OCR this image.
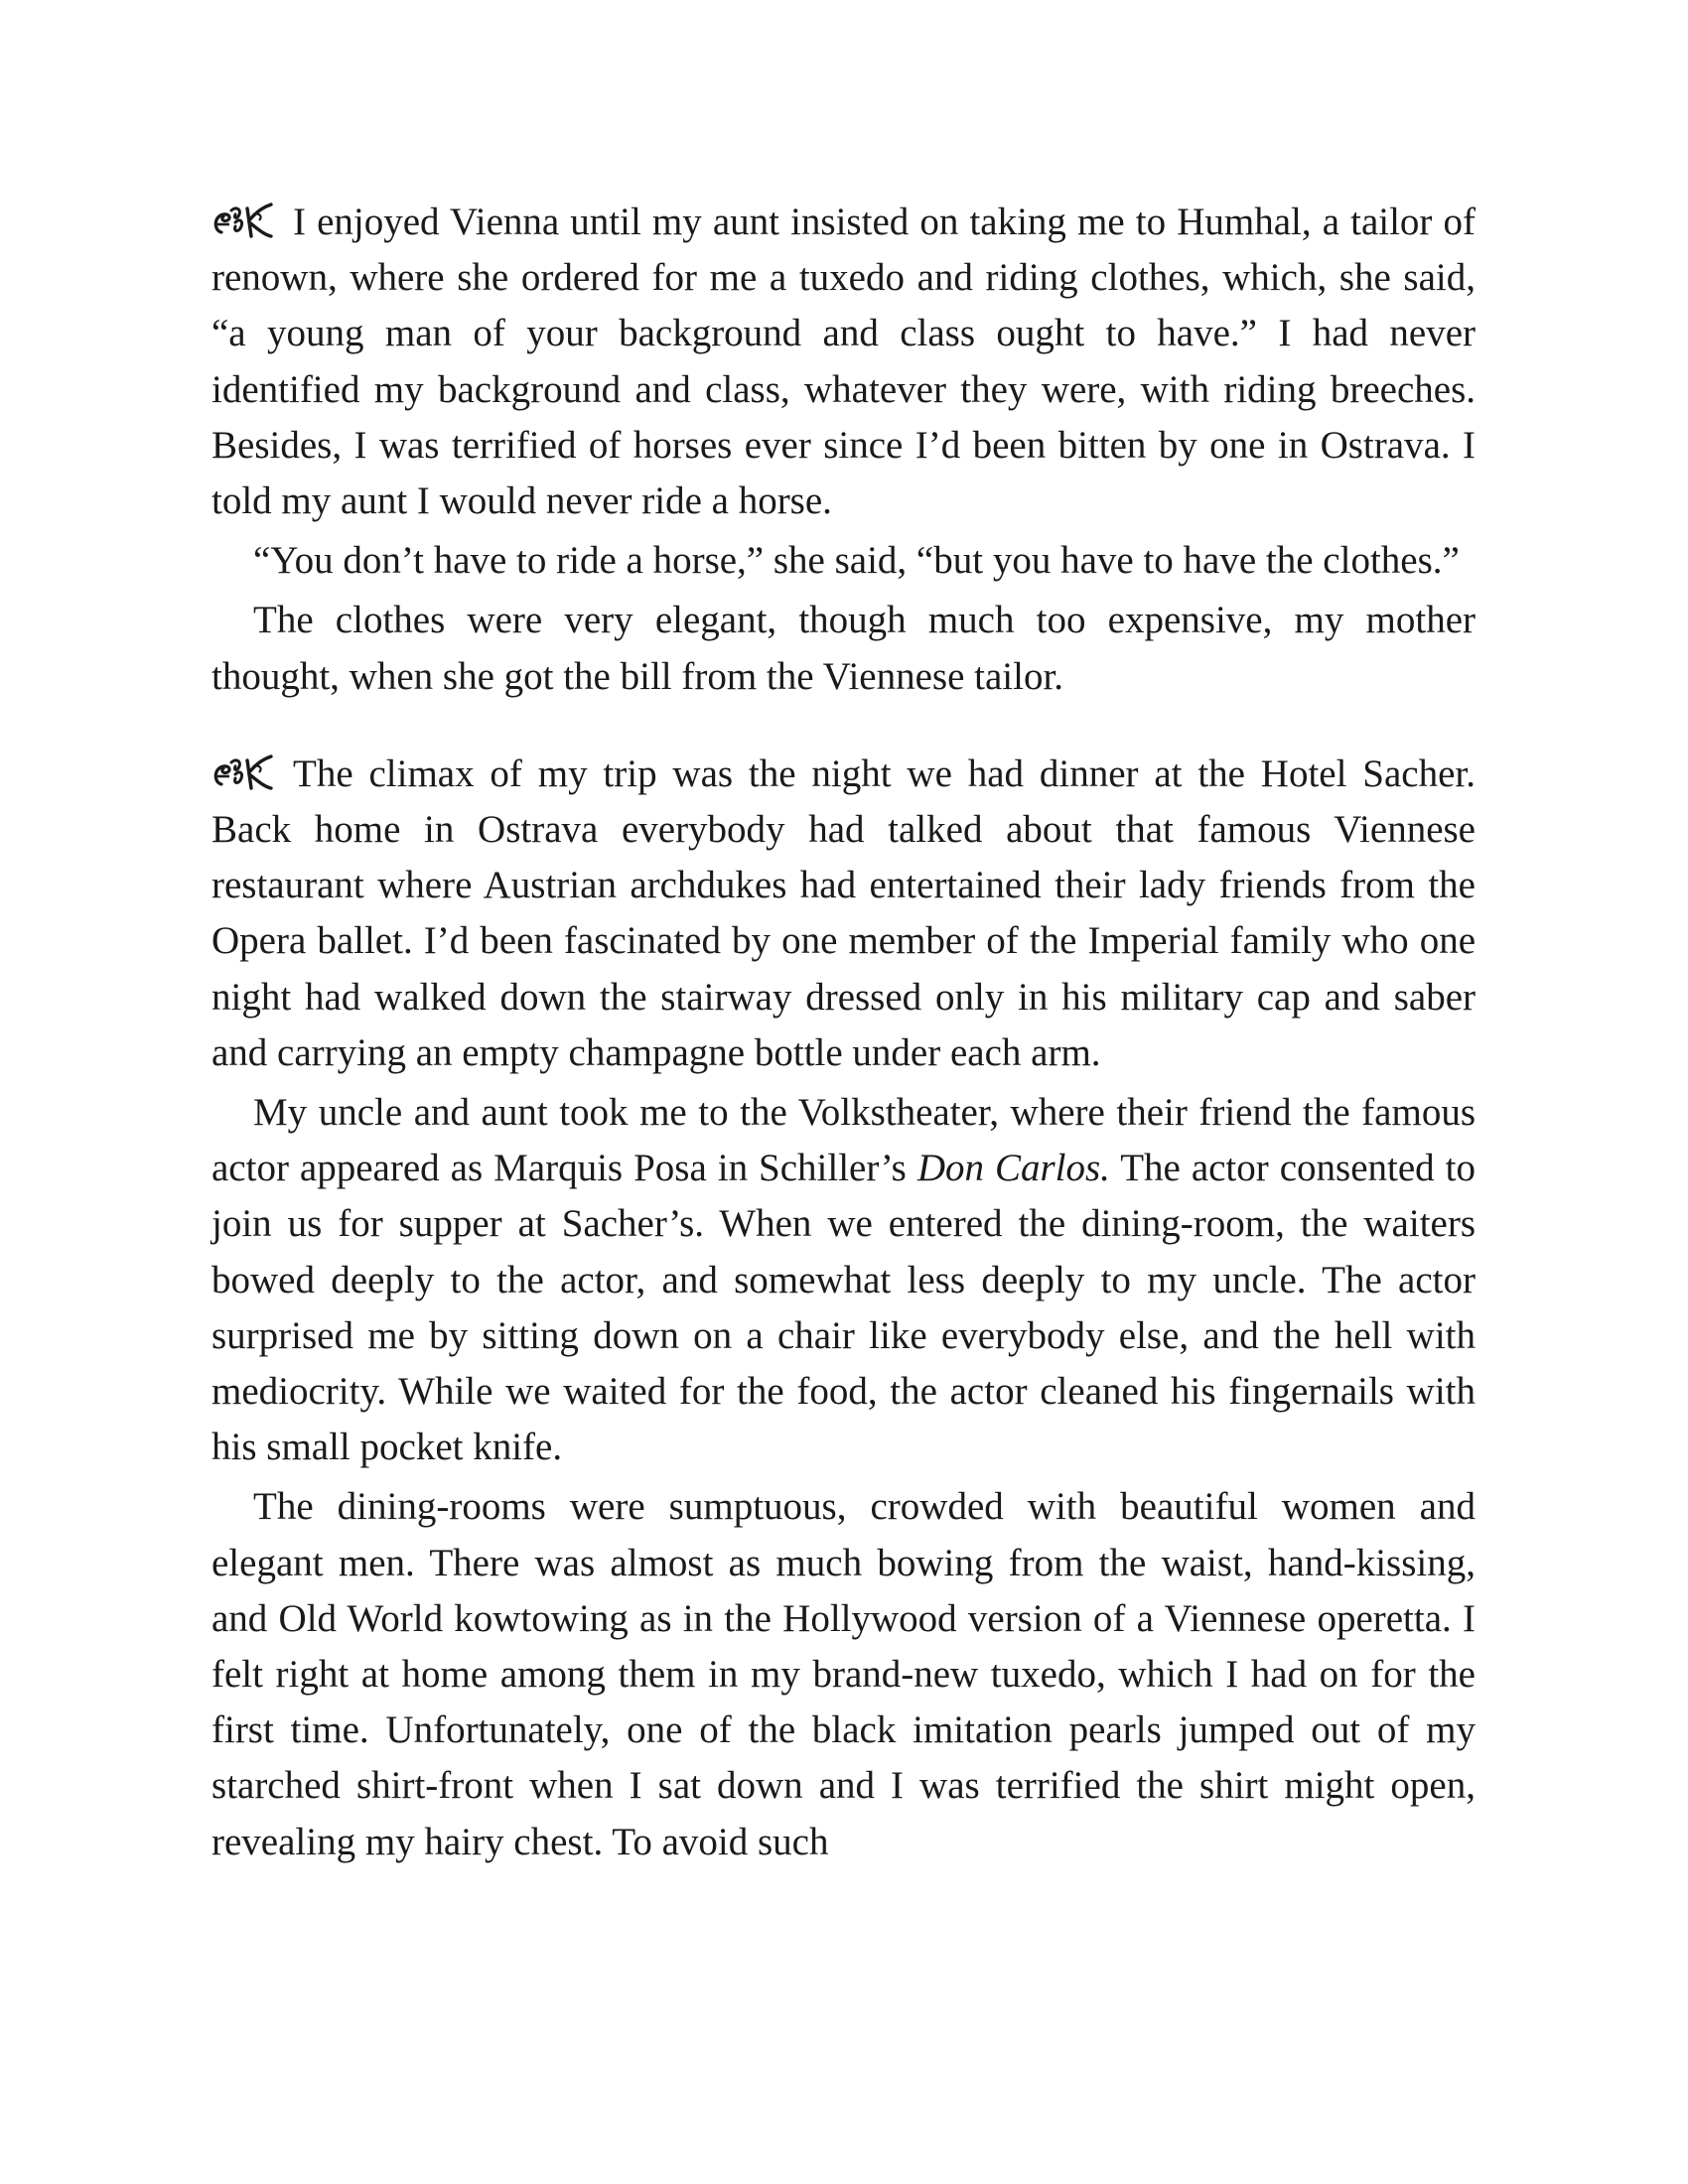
I enjoyed Vienna until my aunt insisted on taking me to Humhal, a tailor of renown, where she ordered for me a tuxedo and riding clothes, which, she said, “a young man of your background and class ought to have.” I had never identified my background and class, whatever they were, with riding breeches. Besides, I was terrified of horses ever since I’d been bitten by one in Ostrava. I told my aunt I would never ride a horse.

“You don’t have to ride a horse,” she said, “but you have to have the clothes.”

The clothes were very elegant, though much too expensive, my mother thought, when she got the bill from the Viennese tailor.

The climax of my trip was the night we had dinner at the Hotel Sacher. Back home in Ostrava everybody had talked about that famous Viennese restaurant where Austrian archdukes had entertained their lady friends from the Opera ballet. I’d been fascinated by one member of the Imperial family who one night had walked down the stairway dressed only in his military cap and saber and carrying an empty champagne bottle under each arm.

My uncle and aunt took me to the Volkstheater, where their friend the famous actor appeared as Marquis Posa in Schiller’s Don Carlos. The actor consented to join us for supper at Sacher’s. When we entered the dining-room, the waiters bowed deeply to the actor, and somewhat less deeply to my uncle. The actor surprised me by sitting down on a chair like everybody else, and the hell with mediocrity. While we waited for the food, the actor cleaned his fingernails with his small pocket knife.

The dining-rooms were sumptuous, crowded with beautiful women and elegant men. There was almost as much bowing from the waist, hand-kissing, and Old World kowtowing as in the Hollywood version of a Viennese operetta. I felt right at home among them in my brand-new tuxedo, which I had on for the first time. Unfortunately, one of the black imitation pearls jumped out of my starched shirt-front when I sat down and I was terrified the shirt might open, revealing my hairy chest. To avoid such
